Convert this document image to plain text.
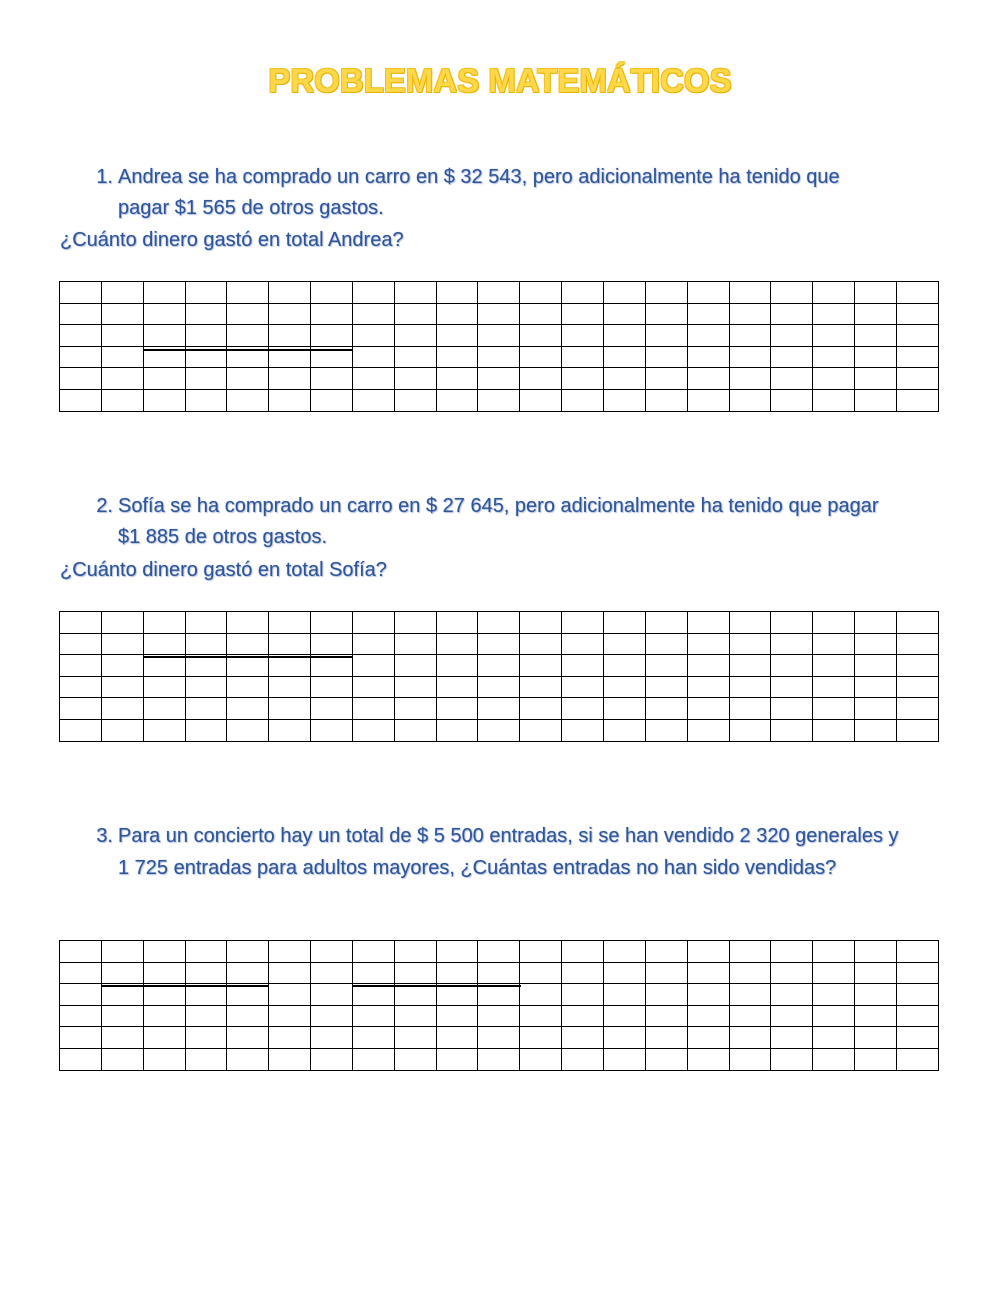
PROBLEMAS MATEMÁTICOS
1. Andrea se ha comprado un carro en $ 32 543, pero adicionalmente ha tenido que
pagar $1 565 de otros gastos.
¿Cuánto dinero gastó en total Andrea?

2. Sofía se ha comprado un carro en $ 27 645, pero adicionalmente ha tenido que pagar
$1 885 de otros gastos.
¿Cuánto dinero gastó en total Sofía?

3. Para un concierto hay un total de $ 5 500 entradas, si se han vendido 2 320 generales y
1 725 entradas para adultos mayores, ¿Cuántas entradas no han sido vendidas?
